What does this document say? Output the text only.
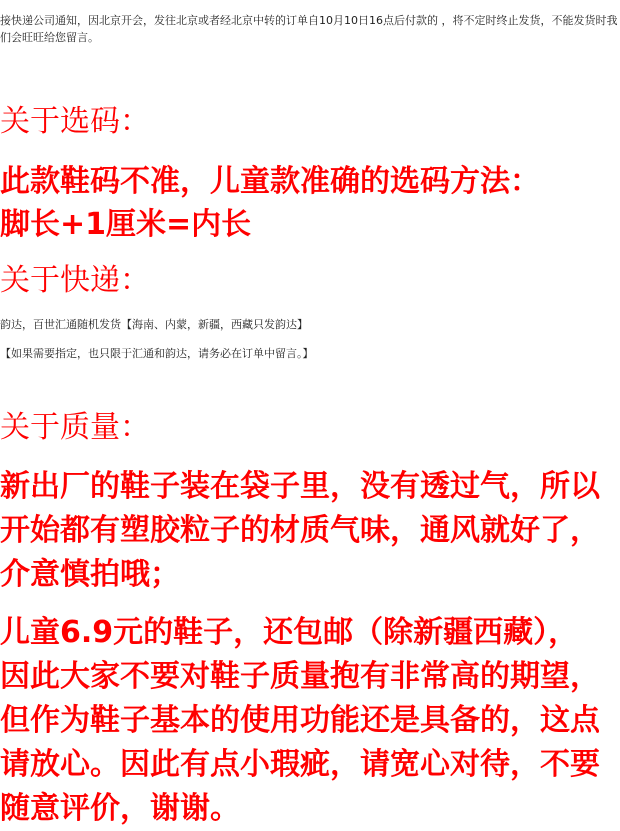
接快递公司通知，因北京开会，发往北京或者经北京中转的订单自10月10日16点后付款的 ，将不定时终止发货，不能发货时我们会旺旺给您留言。

关于选码：

此款鞋码不准，儿童款准确的选码方法：

脚长+1厘米=内长

关于快递：

韵达，百世汇通随机发货【海南、内蒙，新疆，西藏只发韵达】

【如果需要指定，也只限于汇通和韵达，请务必在订单中留言。】

关于质量：

新出厂的鞋子装在袋子里，没有透过气，所以开始都有塑胶粒子的材质气味，通风就好了，介意慎拍哦；

儿童6.9元的鞋子，还包邮（除新疆西藏），因此大家不要对鞋子质量抱有非常高的期望，但作为鞋子基本的使用功能还是具备的，这点请放心。因此有点小瑕疵，请宽心对待，不要随意评价，谢谢。
